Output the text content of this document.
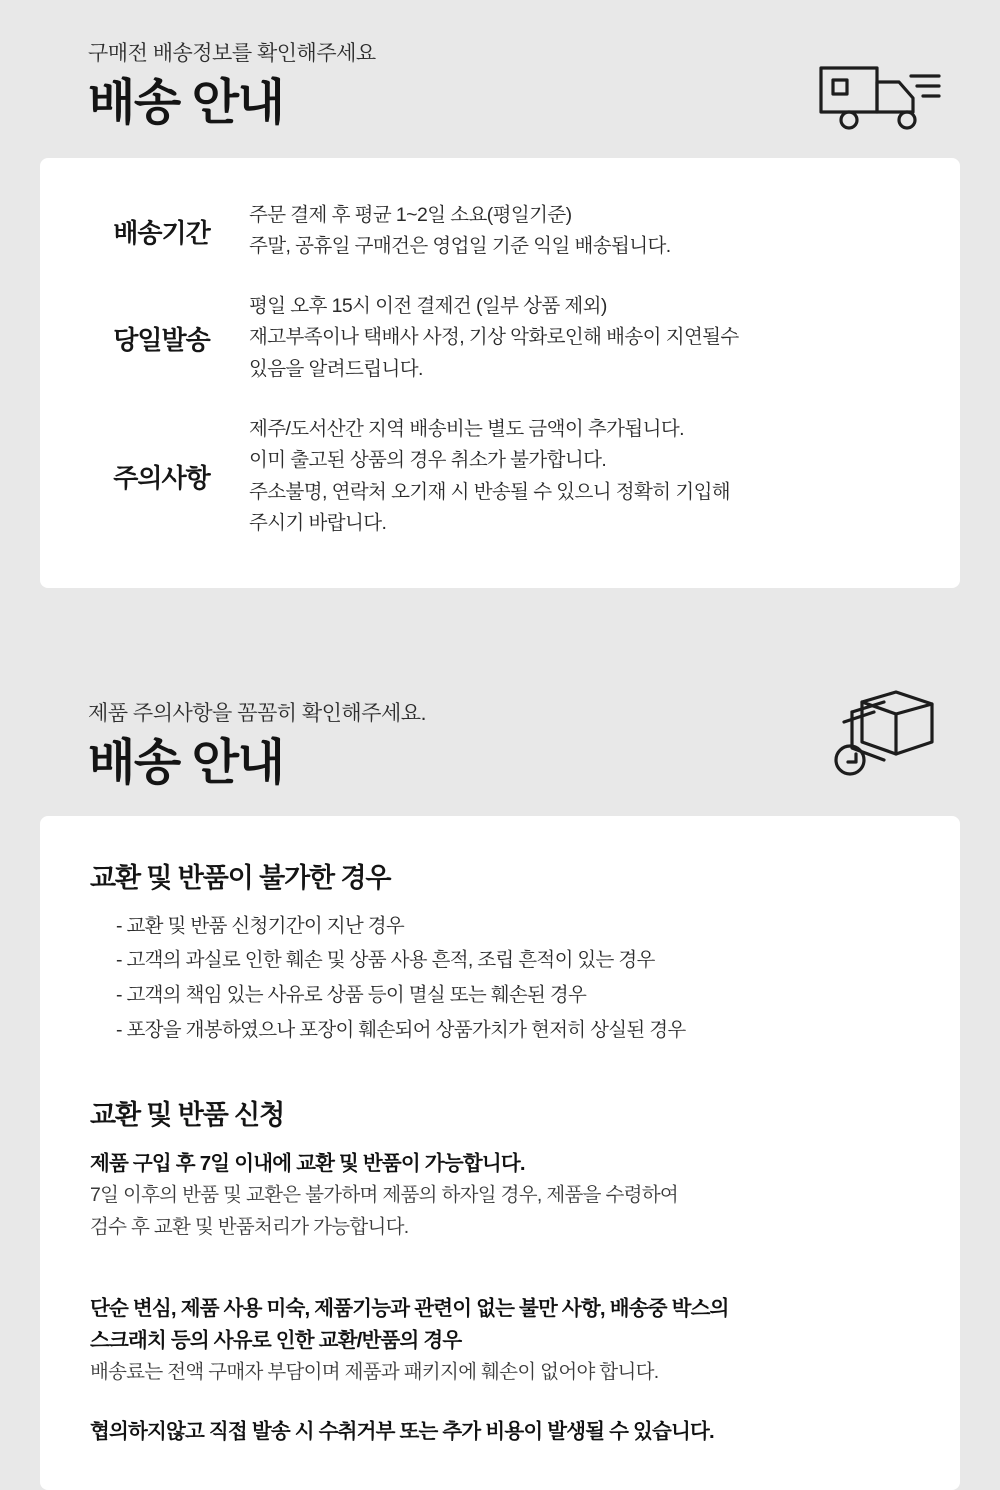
구매전 배송정보를 확인해주세요
배송 안내
배송기간
주문 결제 후 평균 1~2일 소요(평일기준)
주말, 공휴일 구매건은 영업일 기준 익일 배송됩니다.
당일발송
평일 오후 15시 이전 결제건 (일부 상품 제외)
재고부족이나 택배사 사정, 기상 악화로인해 배송이 지연될수
있음을 알려드립니다.
주의사항
제주/도서산간 지역 배송비는 별도 금액이 추가됩니다.
이미 출고된 상품의 경우 취소가 불가합니다.
주소불명, 연락처 오기재 시 반송될 수 있으니 정확히 기입해
주시기 바랍니다.
제품 주의사항을 꼼꼼히 확인해주세요.
배송 안내
교환 및 반품이 불가한 경우
- 교환 및 반품 신청기간이 지난 경우
- 고객의 과실로 인한 훼손 및 상품 사용 흔적, 조립 흔적이 있는 경우
- 고객의 책임 있는 사유로 상품 등이 멸실 또는 훼손된 경우
- 포장을 개봉하였으나 포장이 훼손되어 상품가치가 현저히 상실된 경우
교환 및 반품 신청
제품 구입 후 7일 이내에 교환 및 반품이 가능합니다.
7일 이후의 반품 및 교환은 불가하며 제품의 하자일 경우, 제품을 수령하여
검수 후 교환 및 반품처리가 가능합니다.
단순 변심, 제품 사용 미숙, 제품기능과 관련이 없는 불만 사항, 배송중 박스의
스크래치 등의 사유로 인한 교환/반품의 경우
배송료는 전액 구매자 부담이며 제품과 패키지에 훼손이 없어야 합니다.
협의하지않고 직접 발송 시 수취거부 또는 추가 비용이 발생될 수 있습니다.
